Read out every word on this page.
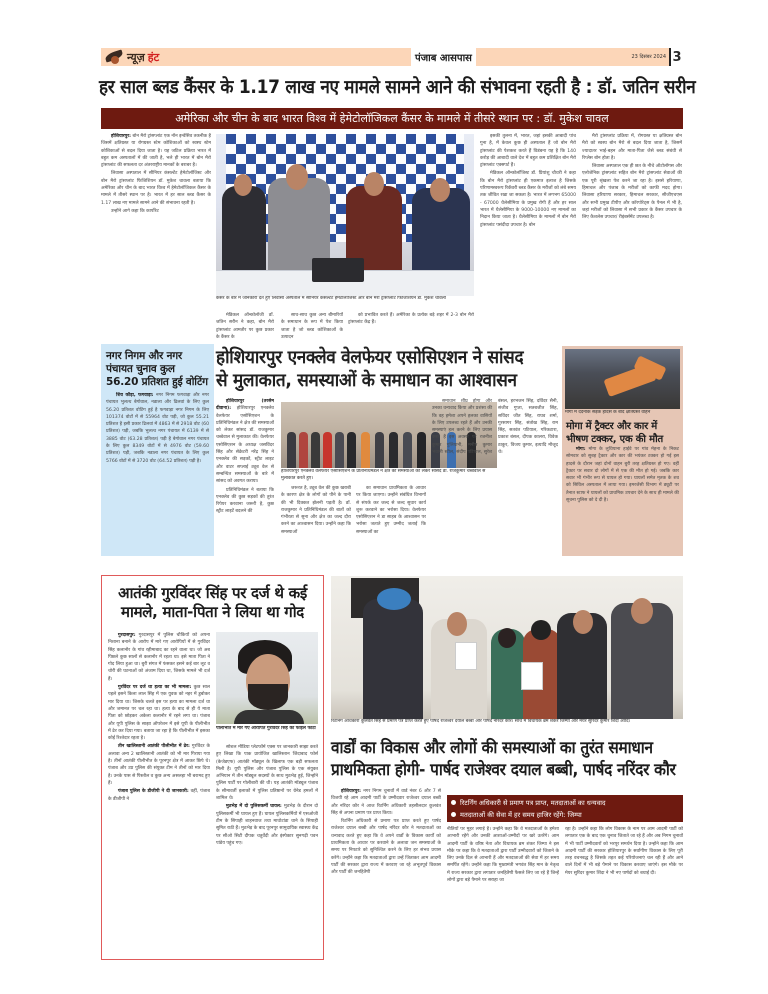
न्यूज़ हंट	पंजाब आसपास	23 दिसंबर 2024 3
हर साल ब्लड कैंसर के 1.17 लाख नए मामले सामने आने की संभावना रहती है : डॉ. जतिन सरीन
अमेरिका और चीन के बाद भारत विश्व में हेमेटोलॉजिकल कैंसर के मामले में तीसरे स्थान पर : डॉ. मुकेश चावल

होशियारपुर: बोन मैरो ट्रांसप्लांट एक नॉन इन्वेसिव तकनीक है जिसमें क्षतिग्रस्त या रोगग्रस्त स्टेम कोशिकाओं को स्वस्थ स्टेम कोशिकाओं से बदल दिया जाता है। यह जटिल प्रक्रिया भारत में बहुत कम अस्पतालों में की जाती है, भले ही भारत में बोन मैरो ट्रांसप्लांट की सफलता दर अंतरराष्ट्रीय मानकों के बराबर है।

लिवासा अस्पताल में सीनियर कंसल्टेंट हेमेटोलॉजिस्ट और बोन मैरो ट्रांसप्लांट फिजिशियन डॉ. मुकेश चावला बताया कि अमेरिका और चीन के बाद भारत विश्व में हेमेटोलॉजिकल कैंसर के मामले में तीसरे स्थान पर है। भारत में हर साल ब्लड कैंसर के 1.17 लाख नए मामले सामने आने की संभावना रहती है।

उन्होंने आगे कहा कि कार्पोरेट

कैंसर के बारे में जानकारी देते हुए लिवासा अस्पताल में सीनियर कंसल्टेंट हेमेटोलॉजिस्ट और बोन मैरो ट्रांसप्लांट फिजिशियन डॉ. मुकेश चावला

मेडिकल ऑन्कोलॉजी डॉ. जतिन सरीन ने कहा, बोन मैरो ट्रांसप्लांट आमतौर पर कुछ प्रकार के कैंसर के

साथ-साथ कुछ अन्य बीमारियों के समाधान के रूप में पेश किया जाता है जो ब्लड कोशिकाओं के उत्पादन

को प्रभावित करते हैं। अमेरिका के प्रत्येक बड़े शहर में 2-3 बोन मैरो ट्रांसप्लांट केंद्र हैं।

इसकी तुलना में, भारत, जहां इसकी आबादी पांच गुना है, में केवल कुछ ही अस्पताल हैं जो बोन मैरो ट्रांसप्लांट की पेशकश करते हैं विडंबना यह है कि 140 करोड़ की आबादी वाले देश में बहुत कम प्रशिक्षित बोन मैरो ट्रांसप्लांट एक्सपर्ट हैं।

मेडिकल ऑन्कोलॉजिस्ट डॉ. प्रियांशु चौधरी ने कहा कि बोन मैरो ट्रांसप्लांट ही एकमात्र इलाज है जिसके परिणामस्वरूप रिकॅवरी ब्लड कैंसर के मरीजों को लंबे समय तक जीवित रखा जा सकता है। भारत में लगभग 65000 - 67000 थैलेसीमिया के प्रमुख रोगी हैं और हर साल भारत में थैलेसीमिया के 9000-10000 नए मामलों का निदान किया जाता है। थैलेसीमिया के मामलों में बोन मैरो ट्रांसप्लांट पसंदीदा उपचार है। बोन

मैरो ट्रांसप्लांट प्रक्रिया में, रोगग्रस्त या क्षतिग्रस्त बोन मैरो को स्वस्थ बोन मैरो से बदल दिया जाता है, जिसमें ज्यादातर भाई-बहन और माता-पिता जैसे ब्लड संबंधी से रिप्लेस बोन होता है।

लिवासा अस्पताल एक ही छत के नीचे ऑटोलॉगस और एलोजेनिक ट्रांसप्लांट सहित बोन मैरो ट्रांसप्लांट सेवाओं की एक पूरी श्रृंखला पेश करने जा रहा है। इससे हरियाणा, हिमाचल और पंजाब के मरीजों को काफी मदद होगा। लिवासा हरियाणा सरकार, हिमाचल सरकार, सीजीएचएस और सभी प्रमुख टीपीए और कॉरपोरेट्स के पैनल में भी है, जहां मरीजों को लिवासा में सभी प्रकार के कैंसर उपचार के लिए कैशलेस उपचार/ रीइंबर्समेंट उपलब्ध है।

नगर निगम और नगर पंचायत चुनाव कुल 56.20 प्रतिशत हुई वोटिंग

शिव कौड़ा, फगवाड़ा: नगर निगम फगवाड़ा और नगर पंचायत भुलत्थ बेगोवाल, नडाला और ढिलवां के लिए कुल 56.20 प्रतिशत वोटिंग हुई है फगवाड़ा नगर निगम के लिए 101374 वोटों में से 55964 वोट पड़ी, जो कुल 55.21 प्रतिशत है इसी प्रकार ढिलवां में 4863 में से 2918 वोट (60 प्रतिशत) पड़ी, जबकि भुलत्थ नगर पंचायत में 6139 में से 3885 वोट (63.28 प्रतिशत) पड़ी है बेगोवाल नगर पंचायत के लिए कुल 8349 वोटों में से 4976 वोट (59.60 प्रतिशत) पड़ी, जबकि नडाला नगर पंचायत के लिए कुल 5766 वोटों में से 3720 वोट (64.52 प्रतिशत) पड़ी है।

होशियारपुर एनक्लेव वेलफेयर एसोसिएशन ने सांसद
से मुलाकात, समस्याओं के समाधान का आश्वासन

होशियारपुर (तरसेम दीवाना): होशियारपुर एनक्लेव वेलफेयर एसोसिएशन के प्रतिनिधिमंडल ने क्षेत्र की समस्याओं को लेकर सांसद डॉ. राजकुमार चब्बेवाल से मुलाकात की। वेलफेयर एसोसिएशन के अध्यक्ष जसविंदर सिंह और सेक्रेटरी नरेंद्र सिंह ने एनक्लेव की सड़कों, स्ट्रीट लाइट और वाटर सप्लाई ट्यूब वेल से सम्बन्धित समस्याओं के बारे में सांसद को अवगत कराया।

प्रतिनिधिमंडल ने बताया कि एनक्लेव की कुछ सड़कों की तुरंत रिपेयर करवाना जरूरी है, कुछ स्ट्रीट लाइटें बदलने की

होशियारपुर एनक्लेव वेलफेयर एसोसिएशन के प्रतिनिधिमंडल ने क्षेत्र की समस्याओं को लेकर सांसद डॉ. राजकुमार चब्बेवाल से मुलाकात करते हुए।

जरूरत है, ट्यूब वेल की कुछ खराबी के कारण क्षेत्र के लोगों को पीने के पानी की भी दिक्कत झेलनी पड़ती है। डॉ. राजकुमार ने प्रतिनिधिमंडल की बातों को गंभीरता से सुना और क्षेत्र का जल्द दौरा करने का आश्वासन दिया। उन्होंने कहा कि समस्याओं

का समाधान प्राथमिकता के आधार पर किया जाएगा। उन्होंने संबंधित विभागों से संपर्क कर जल्द से जल्द सुधार कार्य शुरू करवाने का भरोसा दिया। वेलफेयर एसोसिएशन ने डा साहब के आश्वासन पर भरोसा जताते हुए उम्मीद जताई कि समस्याओं का

समाधान शीघ्र होगा और उनका धन्यवाद किया और प्रशंसा की कि वह हमेशा अपने हलका वासियों के लिए उपलब्ध रहते हैं और उनकी समस्याएं हल करने के लिए प्रयास करते हैं इस अवसर पर रजनीश कुमार गुलियानी, मनीष कुमार भवानी स्टील, संदीप पटियाल, सुरेश बंसल, हरभजन सिंह, दविंदर सैनी, संजीव गुप्ता, सतबजीत सिंह, सविंदर जीत सिंह, राघव शर्मा, गुरसागर सिंह, संतोख सिंह, राम सिंह, सतवंत पटियाल, गरिकटारा, प्रकाश बंसल, दीपक कालरा, विवेक ठाकुर, विजय कुमार, इत्यादि मौजूद थे।

मोगा में दर्दनाक सड़क हादसे के बाद क्षतिग्रस्त वाहन
मोगा में ट्रैक्टर और कार में भीषण टक्कर, एक की मौत

मोगा: मोगा के लुधियाना हाईवे पर गांव मेहना के निकट सोमवार को सुबह ट्रैक्टर और कार की भयंकर टक्कर हो गई इस हादसे के दौरान जहां दोनों वाहन बुरी तरह क्षतिग्रस्त हो गए। वहीं ट्रैक्टर पर सवार दो लोगों में से एक की मौत हो गई। जबकि कार सवार भी गंभीर रूप से घायल हो गया। घायलों समेत मृतक के शव को सिविल अस्पताल में लाया गया। इमरजेंसी विभाग में ड्यूटी पर तैनात स्टाफ ने घायलों को प्राथमिक उपचार देने के साथ ही मामले की सूचना पुलिस को दे दी है।

आतंकी गुरविंदर सिंह पर दर्ज थे कई मामले, माता-पिता ने लिया था गोद

गुरदासपुर: गुरदासपुर में पुलिस चौकियों को अपना निशाना बनाने के आरोप में मारे गए आरोपियों में से गुरविंदर सिंह कलानौर के गांव रहीमाबाद का रहने वाला था। जो अब पिछले कुछ सालों से कलानौर में रहता था। इसे माता पिता ने गोद लिया हुआ था। बुरी संगत में फंसकर इसने कई बार लूट व चोरी की घटनाओं को अंजाम दिया था, जिसके मामले भी दर्ज हैं।

गुरविंदर पर दर्ज था हत्या का भी मामला: कुछ साल पहले इसने किला लाल सिंह में एक युवक को नहर में डुबोकर मार दिया था। जिसके चलते इस पर हत्या का मामला दर्ज था और जमानत पर चल रहा था। हत्या के बाद से ही ये माता पिता को छोड़कर अकेला कलानौर में रहने लगा था। पंजाब और यूपी पुलिस के साझा ऑपरेशन में इसे यूपी के पीलीभीत में ढेर कर दिया गया। बताया जा रहा है कि पीलीभीत में इसका कोई रिश्तेदार रहता है।

तीन खालिस्तानी आतंकी पीलीभीत में ढेर: गुरविंदर के अलावा अन्य 2 खालिस्तानी आतंकी को भी मार गिराया गया है। तीनों आतंकी पीलीभीत के पूरनपुर क्षेत्र में आकर छिपे थे। पंजाब और उप्र पुलिस की संयुक्त टीम ने तीनों को मार दिया है। उनके पास से पिस्तौल व कुछ अन्य असलहा भी बरामद हुए हैं।

पंजाब पुलिस के डीजीपी ने दी जानकारी: वहीं, पंजाब के डीजीपी ने

पीलीभीत में मारे गए आरोपित गुरविंदर सिंह की फाइल फोटो

सोशल मीडिया प्लेटफॉर्म एक्स पर जानकारी साझा करते हुए लिखा कि पाक प्रायोजित खालिस्तान जिंदाबाद फोर्स (केजेडएफ) आतंकी मॉड्यूल के खिलाफ एक बड़ी सफलता मिली है। यूपी पुलिस और पंजाब पुलिस के एक संयुक्त अभियान में तीन मॉड्यूल सदस्यों के साथ मुठभेड़ हुई, जिन्होंने पुलिस पार्टी पर गोलीबारी की थी। यह आतंकी मॉड्यूल पंजाब के सीमावर्ती इलाकों में पुलिस प्रतिष्ठानों पर ग्रेनेड हमलों में शामिल थे।

मुठभेड़ में दो पुलिसकर्मी घायल: मुठभेड़ के दौरान दो पुलिसकर्मी भी घायल हुए हैं। घायल पुलिसकर्मियों में एसओजी टीम के सिपाही शाहनवाज तथा माधोटांडा थाने के सिपाही सुमित राठी हैं। मुठभेड़ के बाद पूरनपुर सामुदायिक स्वास्थ्य केंद्र पर सीओ सिटी दीपक चतुर्वेदी और इंस्पेक्टर सुनगढ़ी पवन पांडेय पहुंच गए।

रिटर्निंग अधिकारी कुलवंत सिंह से प्रमाण पत्र प्राप्त करते हुए पार्षद राजेश्वर दयाल बब्बी और पार्षद नरिंदर कौर। साथ में विधायक ब्रम शंकर जिम्पा और मेयर सुरिंदर कुमार शिंदा आदि।
वार्डों का विकास और लोगों की समस्याओं का तुरंत समाधान
प्राथमिकता होगी- पार्षद राजेश्वर दयाल बब्बी, पार्षद नरिंदर कौर
रिटर्निंग अधिकारी से प्रमाण पत्र प्राप्त, मतदाताओं का धन्यवाद
मतदाताओं की सेवा में हर समय हाजिर रहेंगे: जिम्पा

होशियारपुर: नगर निगम चुनावों में वार्ड नंबर 6 और 7 से विजयी रहे आम आदमी पार्टी के उम्मीदवार राजेश्वर दयाल बब्बी और नरिंदर कौर ने आज रिटर्निंग अधिकारी तहसीलदार कुलवंत सिंह से अपना प्रमाण पत्र प्राप्त किया।

रिटर्निंग अधिकारी से प्रमाण पत्र प्राप्त करते हुए पार्षद राजेश्वर दयाल बब्बी और पार्षद नरिंदर कौर ने मतदाताओं का धन्यवाद करते हुए कहा कि वे अपने वार्डों के विकास कार्यों को प्राथमिकता के आधार पर करवाने के अलावा जन समस्याओं के समय पर निपटारे को सुनिश्चित करने के लिए हर संभव प्रयास करेंगे। उन्होंने कहा कि मतदाताओं द्वारा उन्हें जिताकर आम आदमी पार्टी की सरकार द्वारा राज्य में करवाए जा रहे अभूतपूर्व विकास और पार्टी की जनहितैषी

नीतियों पर मुहर लगाई है। उन्होंने कहा कि वे मतदाताओं के हमेशा आभारी रहेंगे और उनकी आशाओं-उम्मीदों पर खरे उतरेंगे। आम आदमी पार्टी के वरिष्ठ नेता और विधायक ब्रम शंकर जिम्पा ने इस मौके पर कहा कि वे मतदाताओं द्वारा पार्टी उम्मीदवारों को जिताने के लिए उनके दिल से आभारी हैं और मतदाताओं की सेवा में हर समय समर्पित रहेंगे। उन्होंने कहा कि मुख्यमंत्री भगवंत सिंह मान के नेतृत्व में राज्य सरकार द्वारा लगातार जनहितैषी फैसले लिए जा रहे हैं जिन्हें लोगों द्वारा बड़े पैमाने पर सराहा जा

रहा है। उन्होंने कहा कि लोग विकास के नाम पर आम आदमी पार्टी को लगातार एक के बाद एक चुनाव जिताते जा रहे हैं और अब निगम चुनावों में भी पार्टी उम्मीदवारों को भरपूर समर्थन दिया है। उन्होंने कहा कि आम आदमी पार्टी की सरकार होशियारपुर के सर्वांगीण विकास के लिए पूरी तरह वचनबद्ध है जिसके तहत कई परियोजनाएं चल रही हैं और आने वाले दिनों में भी बड़े पैमाने पर विकास करवाए जाएंगे। इस मौके पर मेयर सुरिंदर कुमार शिंदा ने भी नए पार्षदों को बधाई दी।
